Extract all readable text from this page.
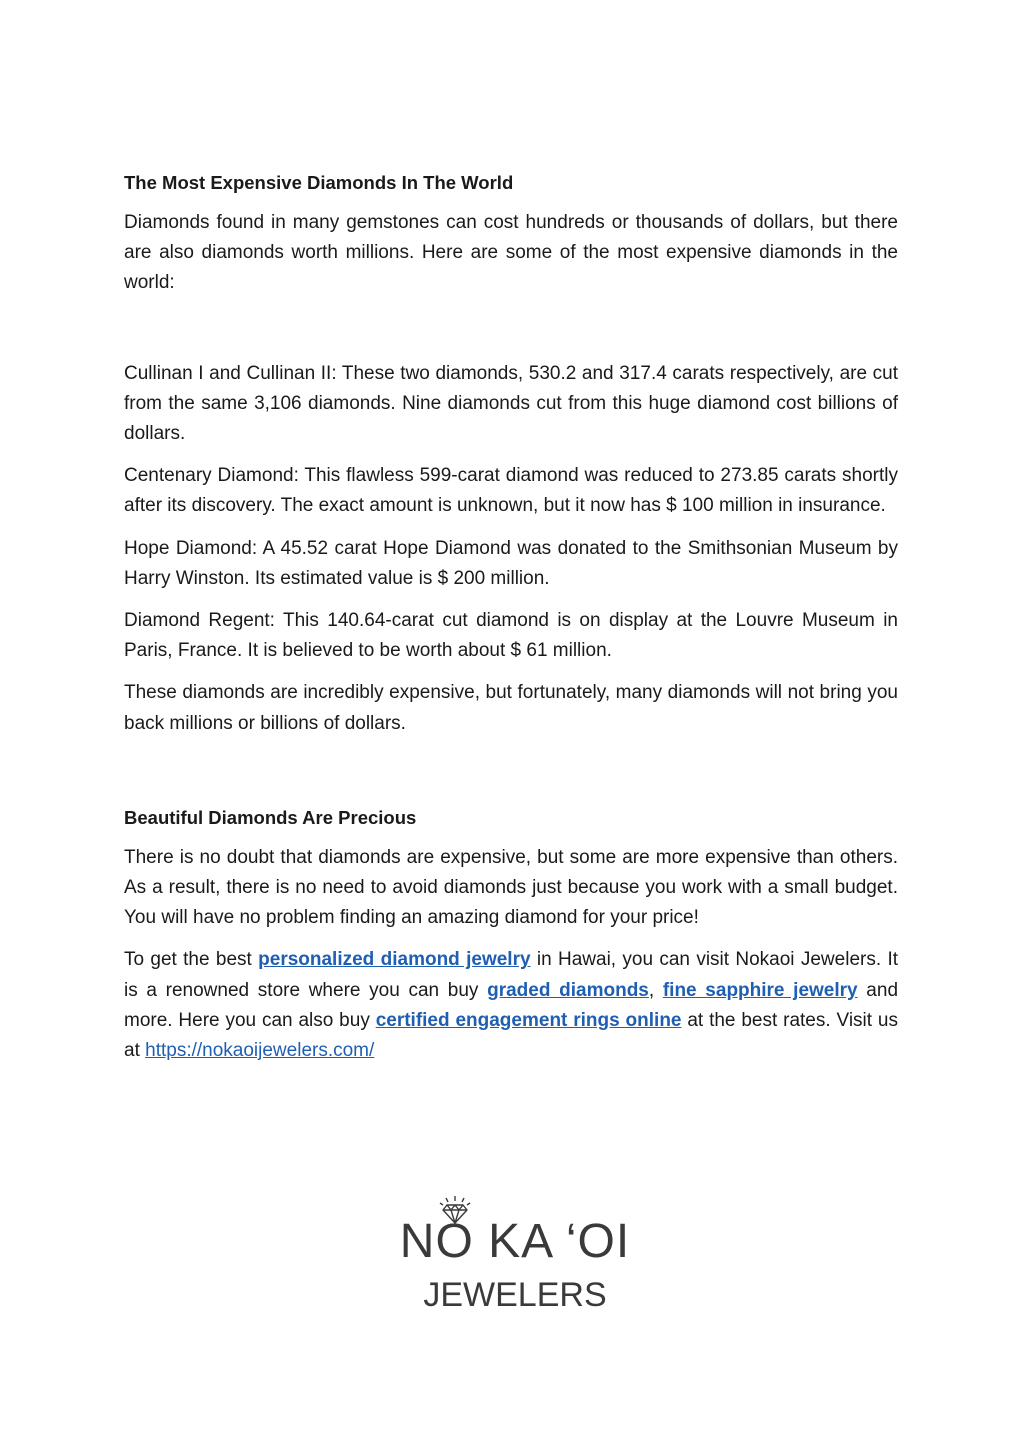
The Most Expensive Diamonds In The World
Diamonds found in many gemstones can cost hundreds or thousands of dollars, but there are also diamonds worth millions. Here are some of the most expensive diamonds in the world:
Cullinan I and Cullinan II: These two diamonds, 530.2 and 317.4 carats respectively, are cut from the same 3,106 diamonds. Nine diamonds cut from this huge diamond cost billions of dollars.
Centenary Diamond: This flawless 599-carat diamond was reduced to 273.85 carats shortly after its discovery. The exact amount is unknown, but it now has $ 100 million in insurance.
Hope Diamond: A 45.52 carat Hope Diamond was donated to the Smithsonian Museum by Harry Winston. Its estimated value is $ 200 million.
Diamond Regent: This 140.64-carat cut diamond is on display at the Louvre Museum in Paris, France. It is believed to be worth about $ 61 million.
These diamonds are incredibly expensive, but fortunately, many diamonds will not bring you back millions or billions of dollars.
Beautiful Diamonds Are Precious
There is no doubt that diamonds are expensive, but some are more expensive than others. As a result, there is no need to avoid diamonds just because you work with a small budget. You will have no problem finding an amazing diamond for your price!
To get the best personalized diamond jewelry in Hawai, you can visit Nokaoi Jewelers. It is a renowned store where you can buy graded diamonds, fine sapphire jewelry and more. Here you can also buy certified engagement rings online at the best rates. Visit us at https://nokaoijewelers.com/
NO KA ‘OI
JEWELERS
